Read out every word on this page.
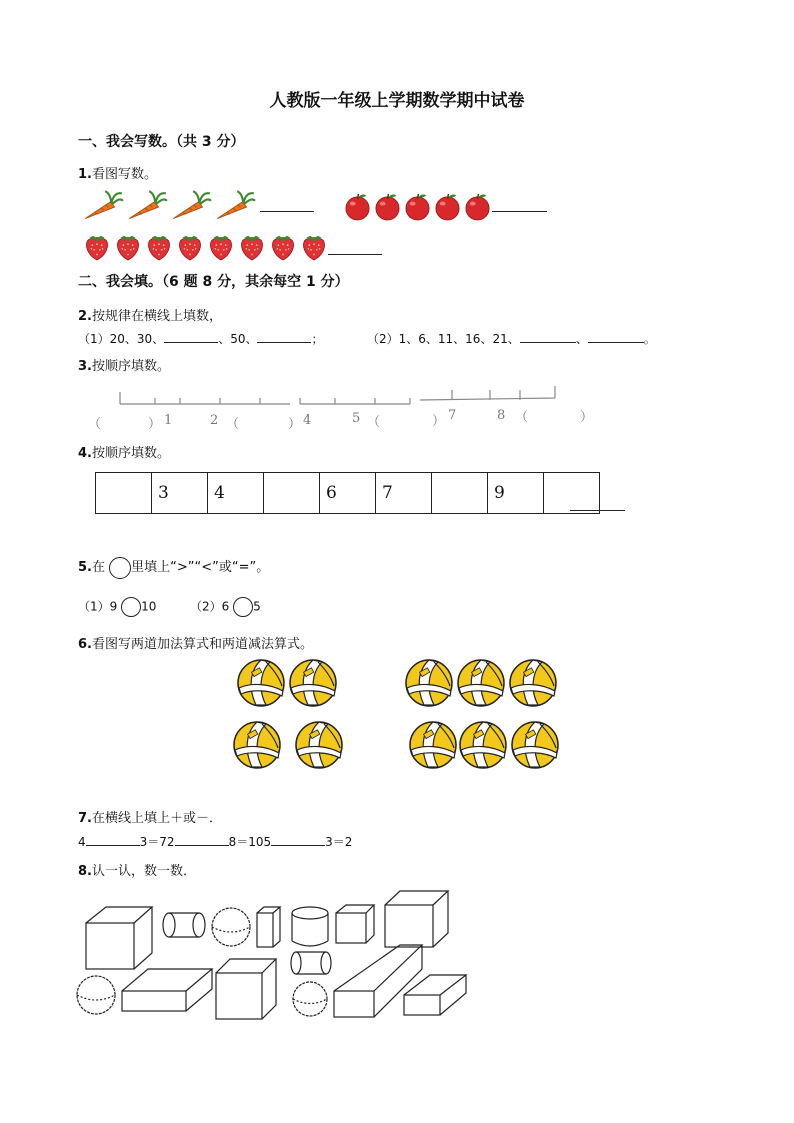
人教版一年级上学期数学期中试卷
一、我会写数。（共 3 分）
1.看图写数。
二、我会填。（6 题 8 分，其余每空 1 分）
2.按规律在横线上填数，
（1）20、30、	、50、	；	（2）1、6、11、16、21、	、	。
3.按顺序填数。
（	） 1	2 （	） 4	5 （	） 7	8 （	）
4.按顺序填数。
	3	4		6	7		9	
5.在 里填上“>”“<”或“=”。
（1）9 10	（2）6 5
6.看图写两道加法算式和两道减法算式。
7.在横线上填上＋或－．
4	3＝72	8＝105	3＝2
8.认一认，数一数．
